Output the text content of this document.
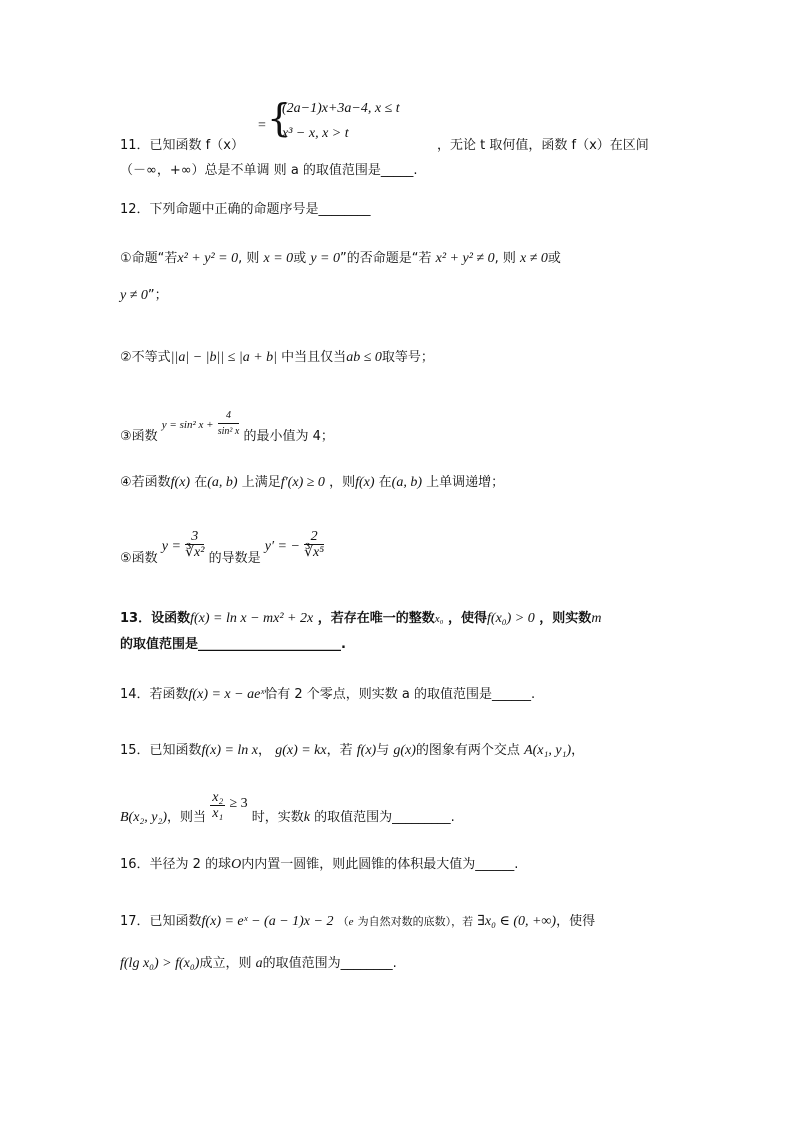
= {
(2a−1)x+3a−4, x ≤ t
x³ − x, x > t
11．已知函数 f（x）	，无论 t 取何值，函数 f（x）在区间
（－∞，+∞）总是不单调 则 a 的取值范围是_____.
12．下列命题中正确的命题序号是________
①命题“若x² + y² = 0, 则 x = 0或 y = 0”的否命题是“若 x² + y² ≠ 0, 则 x ≠ 0或
y ≠ 0”；
②不等式||a| − |b|| ≤ |a + b| 中当且仅当ab ≤ 0取等号；
③函数 $^{y = sin^2 x +} \frac{4}{\text{sin² x}}$ 的最小值为 4；
④若函数f(x) 在(a, b) 上满足f′(x) ≥ 0 ，则f(x) 在(a, b) 上单调递增；
⑤函数 $y = \frac{3}{\text{∛x²}}$ 的导数是 y′ = − $\frac{2}{\text{∛x⁵}}$
13．设函数f(x) = ln x − mx² + 2x ，若存在唯一的整数x₀ ，使得f(x₀) > 0 ，则实数m
的取值范围是______________________.
14．若函数f(x) = x − aeˣ恰有 2 个零点，则实数 a 的取值范围是______.
15．已知函数f(x) = ln x， g(x) = kx，若 f(x)与 g(x)的图象有两个交点 A(x₁, y₁)，
B(x₂, y₂)，则当 $\frac{\text{x₂}}{\text{x₁}} \ge 3$ 时，实数k 的取值范围为_________.
16．半径为 2 的球O内内置一圆锥，则此圆锥的体积最大值为______.
17．已知函数f(x) = eˣ − (a − 1)x − 2 （e 为自然对数的底数），若 ∃x₀ ∈ (0, +∞)，使得
f(lg x₀) > f(x₀)成立，则 a的取值范围为________.
